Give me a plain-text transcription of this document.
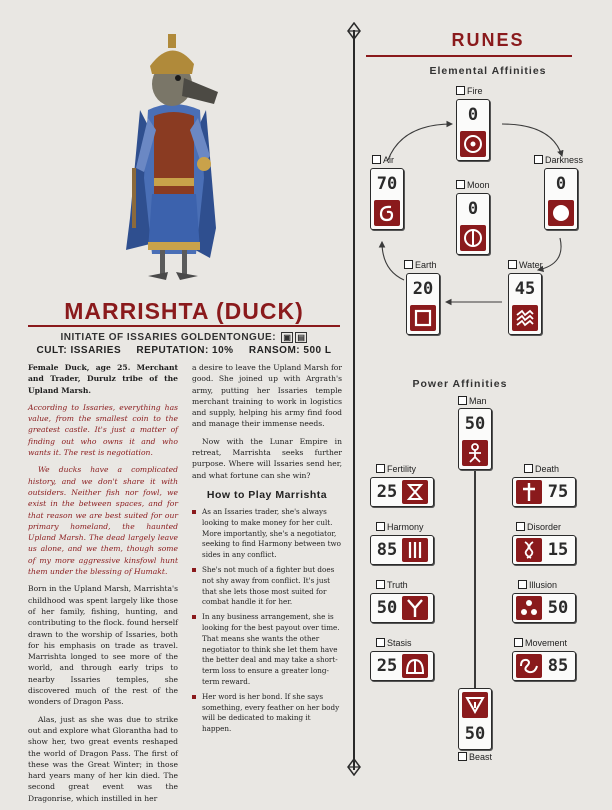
MARRISHTA (DUCK)
INITIATE OF ISSARIES GOLDENTONGUE: ▣ ▤
CULT: ISSARIES REPUTATION: 10% RANSOM: 500 L

Female Duck, age 25. Merchant and Trader, Durulz tribe of the Upland Marsh.

According to Issaries, everything has value, from the smallest coin to the greatest castle. It's just a matter of finding out who owns it and who wants it. The rest is negotiation.

We ducks have a complicated history, and we don't share it with outsiders. Neither fish nor fowl, we exist in the between spaces, and for that reason we are best suited for our primary homeland, the haunted Upland Marsh. The dead largely leave us alone, and we them, though some of my more aggressive kinsfowl hunt them under the blessing of Humakt.

Born in the Upland Marsh, Marrishta's childhood was spent largely like those of her family, fishing, hunting, and contributing to the flock. found herself drawn to the worship of Issaries, both for his emphasis on trade as travel. Marrishta longed to see more of the world, and through early trips to nearby Issaries temples, she discovered much of the rest of the wonders of Dragon Pass.

Alas, just as she was due to strike out and explore what Glorantha had to show her, two great events reshaped the world of Dragon Pass. The first of these was the Great Winter; in those hard years many of her kin died. The second great event was the Dragonrise, which instilled in her

a desire to leave the Upland Marsh for good. She joined up with Argrath's army, putting her Issaries temple merchant training to work in logistics and supply, helping his army find food and manage their immense needs.

Now with the Lunar Empire in retreat, Marrishta seeks further purpose. Where will Issaries send her, and what fortune can she win?

How to Play Marrishta
As an Issaries trader, she's always looking to make money for her cult. More importantly, she's a negotiator, seeking to find Harmony between two sides in any conflict.
She's not much of a fighter but does not shy away from conflict. It's just that she lets those most suited for combat handle it for her.
In any business arrangement, she is looking for the best payout over time. That means she wants the other negotiator to think she let them have the better deal and may take a short-term loss to ensure a greater long-term reward.
Her word is her bond. If she says something, every feather on her body will be dedicated to making it happen.
RUNES
Elemental Affinities
Fire
0
Air
70	Moon
0
Darkness
0
Earth
20
Water
45
Power Affinities
Man
50
Fertility
25
Death
75
Harmony
85
Disorder
15
Truth
50
Illusion
50
Stasis
25
Movement
85
50
Beast
